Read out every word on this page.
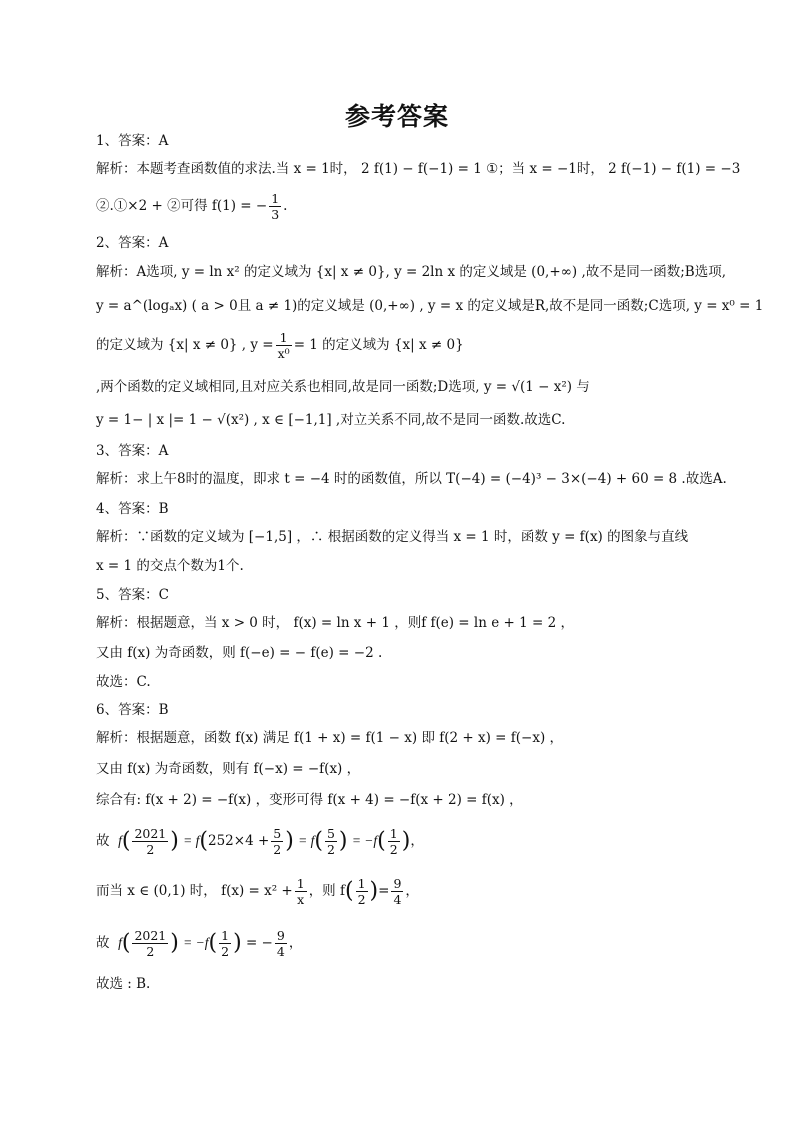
参考答案
1、答案：A
解析：本题考查函数值的求法.当 x = 1时， 2 f(1) − f(−1) = 1 ①；当 x = −1时， 2 f(−1) − f(1) = −3
②.①×2 + ②可得 f(1) = − $\frac{1}{3}$ .
2、答案：A
解析：A选项, y = ln x² 的定义域为 {x| x ≠ 0}, y = 2ln x 的定义域是 (0,+∞) ,故不是同一函数;B选项,
y = a^(logₐx) ( a > 0且 a ≠ 1)的定义域是 (0,+∞) , y = x 的定义域是R,故不是同一函数;C选项, y = x⁰ = 1
的定义域为 {x| x ≠ 0} , $y = \frac{1}{\text{x⁰}} = 1$ 的定义域为 {x| x ≠ 0}
,两个函数的定义域相同,且对应关系也相同,故是同一函数;D选项, y = √(1 − x²) 与
y = 1− | x |= 1 − √(x²) , x ∈ [−1,1] ,对立关系不同,故不是同一函数.故选C.
3、答案：A
解析：求上午8时的温度，即求 t = −4 时的函数值，所以 T(−4) = (−4)³ − 3×(−4) + 60 = 8 .故选A.
4、答案：B
解析：∵函数的定义域为 [−1,5] ，∴ 根据函数的定义得当 x = 1 时，函数 y = f(x) 的图象与直线
x = 1 的交点个数为1个.
5、答案：C
解析：根据题意，当 x > 0 时， f(x) = ln x + 1 ，则f f(e) = ln e + 1 = 2 ，
又由 f(x) 为奇函数，则 f(−e) = − f(e) = −2 .
故选：C.
6、答案：B
解析：根据题意，函数 f(x) 满足 f(1 + x) = f(1 − x) 即 f(2 + x) = f(−x) ，
又由 f(x) 为奇函数，则有 f(−x) = −f(x) ，
综合有: f(x + 2) = −f(x) ，变形可得 f(x + 4) = −f(x + 2) = f(x) ，
故 $f( \frac{2021}{2}$ ) = $f(252\times 4 + \frac{5}{2}$ ) = $f( \frac{5}{2}$ ) = $-f( \frac{1}{2}$ )，
而当 x ∈ (0,1) 时， $f(x) = x^2 + \frac{1}{x}$ ，则 $f( \frac{1}{2}$ )= $\frac{9}{4}$ ，
故 $f( \frac{2021}{2}$ ) = $-f( \frac{1}{2}$ ) = − $\frac{9}{4}$ ，
故选 : B.
